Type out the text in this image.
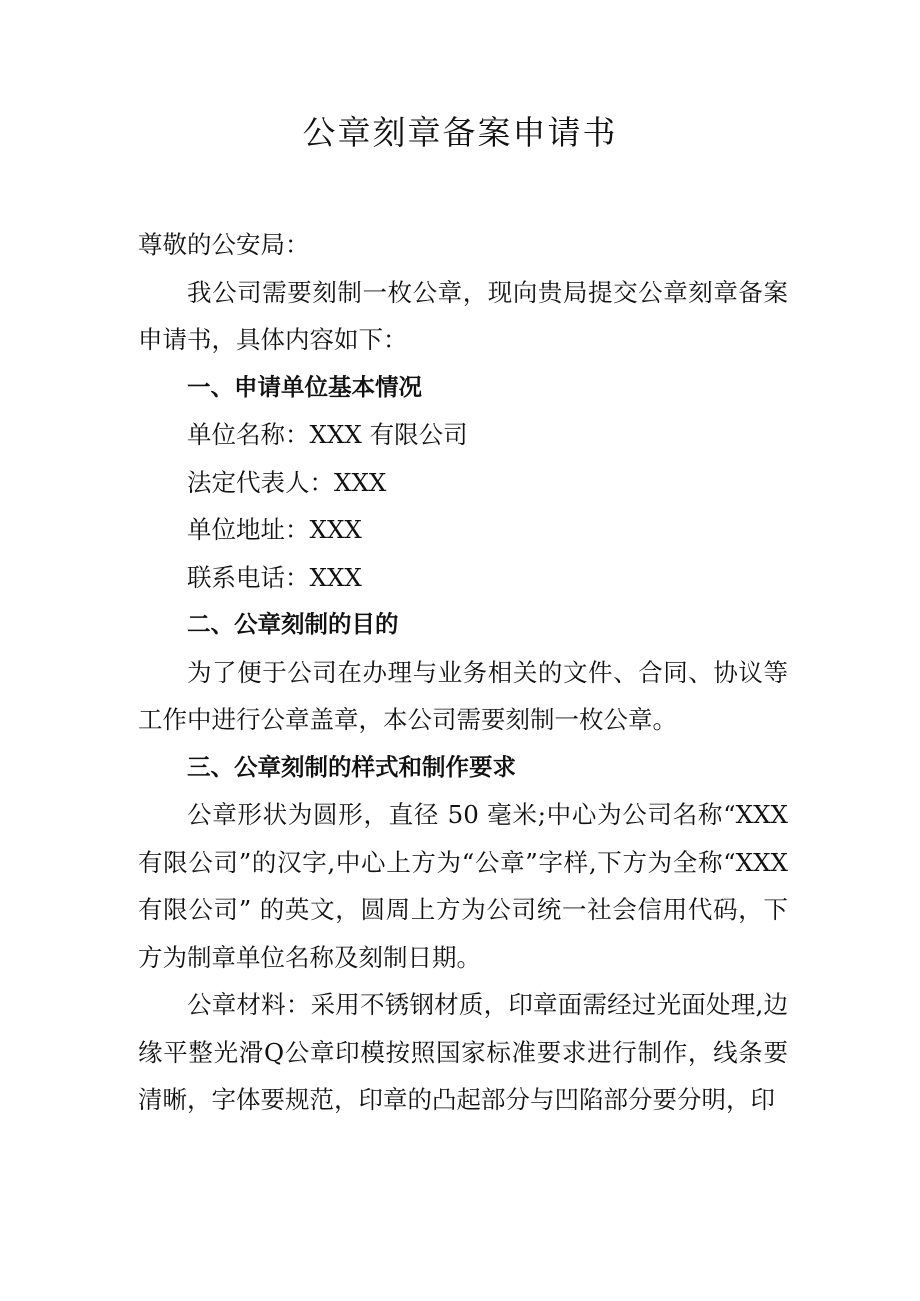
公章刻章备案申请书

尊敬的公安局：

我公司需要刻制一枚公章，现向贵局提交公章刻章备案申请书，具体内容如下：

一、申请单位基本情况

单位名称：XXX 有限公司

法定代表人：XXX

单位地址：XXX

联系电话：XXX

二、公章刻制的目的

为了便于公司在办理与业务相关的文件、合同、协议等工作中进行公章盖章，本公司需要刻制一枚公章。

三、公章刻制的样式和制作要求

公章形状为圆形，直径 50 毫米;中心为公司名称“XXX 有限公司”的汉字,中心上方为“公章”字样,下方为全称“XXX 有限公司” 的英文，圆周上方为公司统一社会信用代码，下方为制章单位名称及刻制日期。

公章材料：采用不锈钢材质，印章面需经过光面处理,边缘平整光滑Q公章印模按照国家标准要求进行制作，线条要清晰，字体要规范，印章的凸起部分与凹陷部分要分明，印
